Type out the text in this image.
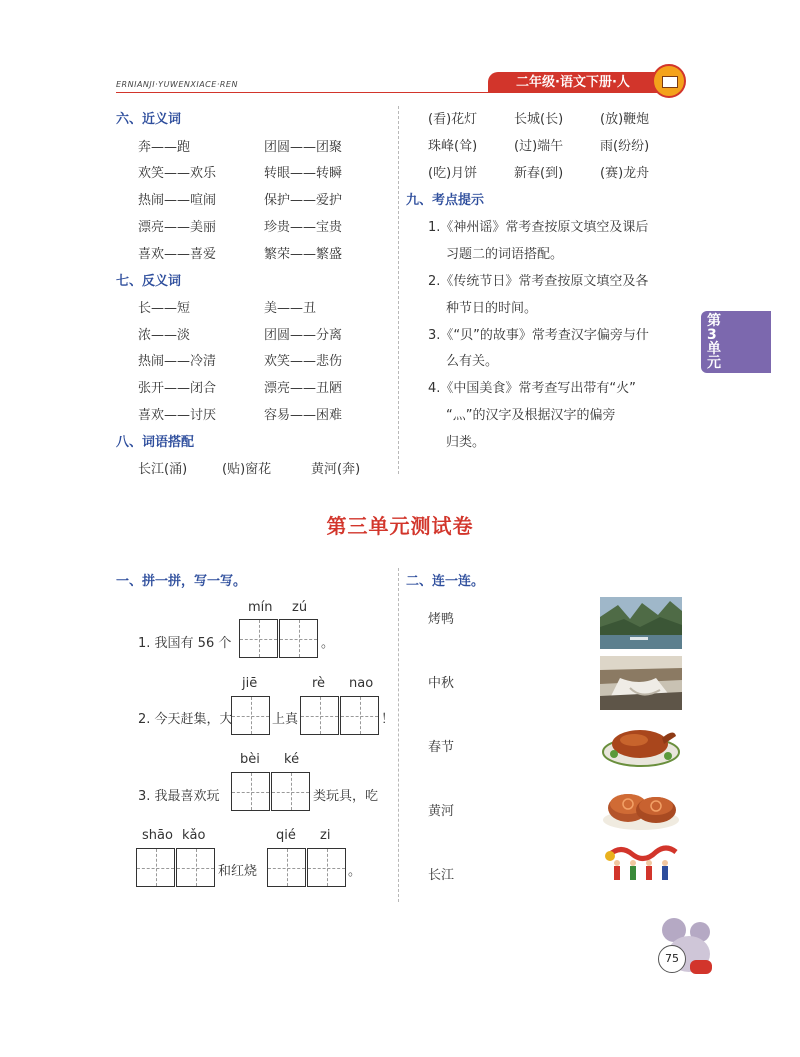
ERNIANJI·YUWENXIACE·REN	二年级·语文下册·人
六、近义词
奔——跑	团圆——团聚
欢笑——欢乐	转眼——转瞬
热闹——喧闹	保护——爱护
漂亮——美丽	珍贵——宝贵
喜欢——喜爱	繁荣——繁盛
七、反义词
长——短	美——丑
浓——淡	团圆——分离
热闹——冷清	欢笑——悲伤
张开——闭合	漂亮——丑陋
喜欢——讨厌	容易——困难
八、词语搭配
长江(涌)	(贴)窗花	黄河(奔)
(看)花灯	长城(长)	(放)鞭炮
珠峰(耸)	(过)端午	雨(纷纷)
(吃)月饼	新春(到)	(赛)龙舟
九、考点提示
1.《神州谣》常考查按原文填空及课后
习题二的词语搭配。
2.《传统节日》常考查按原文填空及各
种节日的时间。
3.《“贝”的故事》常考查汉字偏旁与什
么有关。
4.《中国美食》常考查写出带有“火”
“灬”的汉字及根据汉字的偏旁
归类。
第3单元
第三单元测试卷
一、拼一拼，写一写。
mín zú
1. 我国有 56 个	。
jiē	rè nao
2. 今天赶集，大	上真	！
bèi ké
3. 我最喜欢玩	类玩具，吃
shāo kǎo	qié zi
和红烧	。
二、连一连。
烤鸭
中秋
春节
黄河
长江
75
